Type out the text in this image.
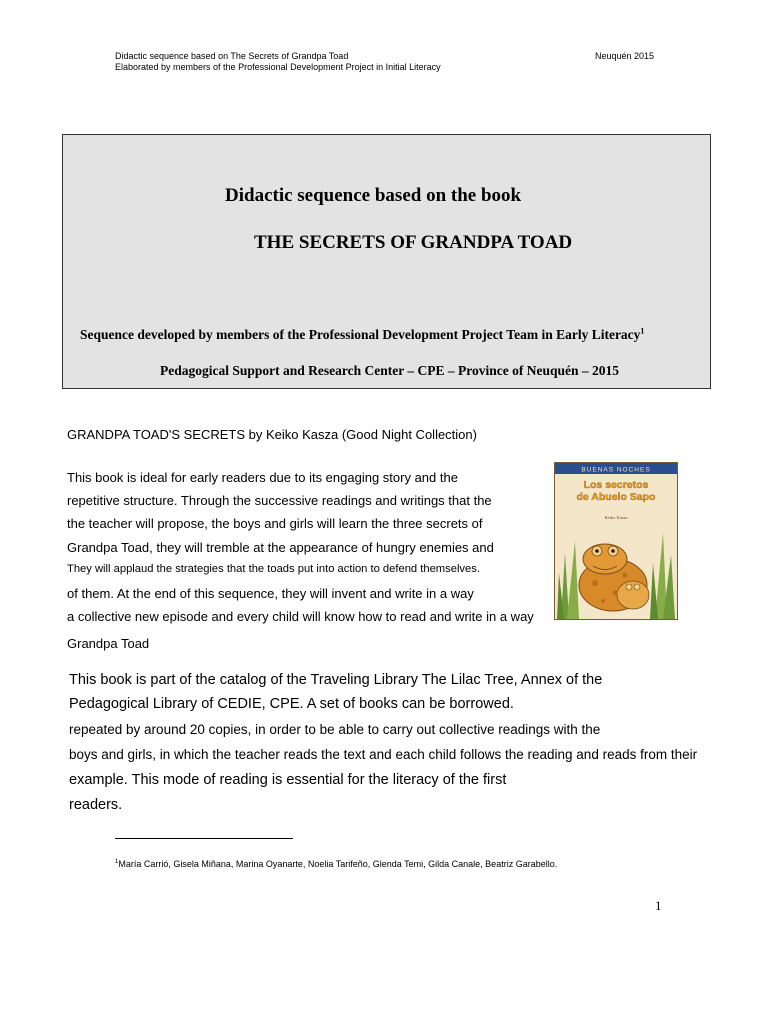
Didactic sequence based on The Secrets of Grandpa Toad
Elaborated by members of the Professional Development Project in Initial Literacy
Neuquén 2015
Didactic sequence based on the book
THE SECRETS OF GRANDPA TOAD
Sequence developed by members of the Professional Development Project Team in Early Literacy$^1$
Pedagogical Support and Research Center – CPE – Province of Neuquén – 2015
GRANDPA TOAD'S SECRETS by Keiko Kasza (Good Night Collection)
This book is ideal for early readers due to its engaging story and the
repetitive structure. Through the successive readings and writings that the
the teacher will propose, the boys and girls will learn the three secrets of
Grandpa Toad, they will tremble at the appearance of hungry enemies and
They will applaud the strategies that the toads put into action to defend themselves.
of them. At the end of this sequence, they will invent and write in a way
a collective new episode and every child will know how to read and write in a way
Grandpa Toad
BUENAS NOCHES
Los secretos
de Abuelo Sapo
Keiko Kasza
This book is part of the catalog of the Traveling Library The Lilac Tree, Annex of the
Pedagogical Library of CEDIE, CPE. A set of books can be borrowed.
repeated by around 20 copies, in order to be able to carry out collective readings with the
boys and girls, in which the teacher reads the text and each child follows the reading and reads from their
example. This mode of reading is essential for the literacy of the first
readers.
$^1$María Carrió, Gisela Miñana, Marina Oyanarte, Noelia Tarifeño, Glenda Temi, Gilda Canale, Beatriz Garabello.
1
